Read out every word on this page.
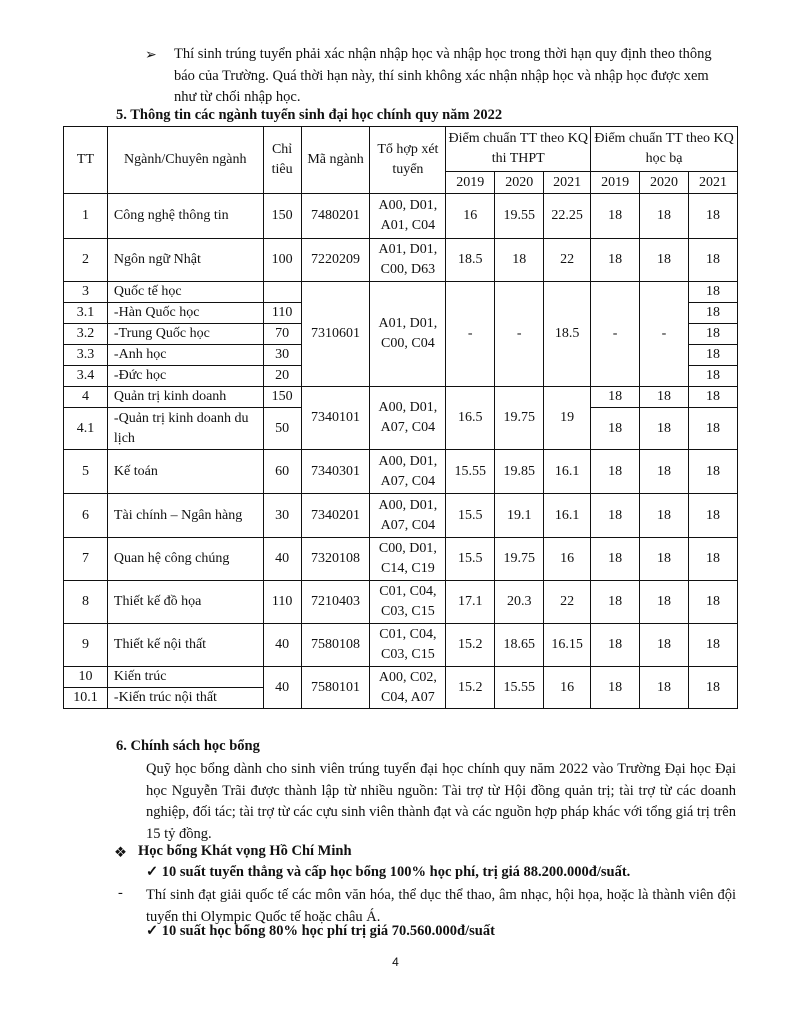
➢ Thí sinh trúng tuyển phải xác nhận nhập học và nhập học trong thời hạn quy định theo thông báo của Trường. Quá thời hạn này, thí sinh không xác nhận nhập học và nhập học được xem như từ chối nhập học.
5. Thông tin các ngành tuyển sinh đại học chính quy năm 2022
TT	Ngành/Chuyên ngành	Chỉ tiêu	Mã ngành	Tổ hợp xét tuyển	Điểm chuẩn TT theo KQ thi THPT			Điểm chuẩn TT theo KQ học bạ		
					2019	2020	2021	2019	2020	2021
1	Công nghệ thông tin	150	7480201	A00, D01, A01, C04	16	19.55	22.25	18	18	18
2	Ngôn ngữ Nhật	100	7220209	A01, D01, C00, D63	18.5	18	22	18	18	18
3	Quốc tế học		7310601	A01, D01, C00, C04	-	-	18.5	-	-	18
3.1	-Hàn Quốc học	110								18
3.2	-Trung Quốc học	70								18
3.3	-Anh học	30								18
3.4	-Đức học	20								18
4	Quản trị kinh doanh	150	7340101	A00, D01, A07, C04	16.5	19.75	19	18	18	18
4.1	-Quản trị kinh doanh du lịch	50						18	18	18
5	Kế toán	60	7340301	A00, D01, A07, C04	15.55	19.85	16.1	18	18	18
6	Tài chính – Ngân hàng	30	7340201	A00, D01, A07, C04	15.5	19.1	16.1	18	18	18
7	Quan hệ công chúng	40	7320108	C00, D01, C14, C19	15.5	19.75	16	18	18	18
8	Thiết kế đồ họa	110	7210403	C01, C04, C03, C15	17.1	20.3	22	18	18	18
9	Thiết kế nội thất	40	7580108	C01, C04, C03, C15	15.2	18.65	16.15	18	18	18
10	Kiến trúc	40	7580101	A00, C02, C04, A07	15.2	15.55	16	18	18	18
10.1	-Kiến trúc nội thất									
6. Chính sách học bổng
Quỹ học bổng dành cho sinh viên trúng tuyển đại học chính quy năm 2022 vào Trường Đại học Đại học Nguyễn Trãi được thành lập từ nhiều nguồn: Tài trợ từ Hội đồng quản trị; tài trợ từ các doanh nghiệp, đối tác; tài trợ từ các cựu sinh viên thành đạt và các nguồn hợp pháp khác với tổng giá trị trên 15 tỷ đồng.
❖ Học bổng Khát vọng Hồ Chí Minh
✓ 10 suất tuyển thẳng và cấp học bổng 100% học phí, trị giá 88.200.000đ/suất.
- Thí sinh đạt giải quốc tế các môn văn hóa, thể dục thể thao, âm nhạc, hội họa, hoặc là thành viên đội tuyển thi Olympic Quốc tế hoặc châu Á.
✓ 10 suất học bổng 80% học phí trị giá 70.560.000đ/suất
4
